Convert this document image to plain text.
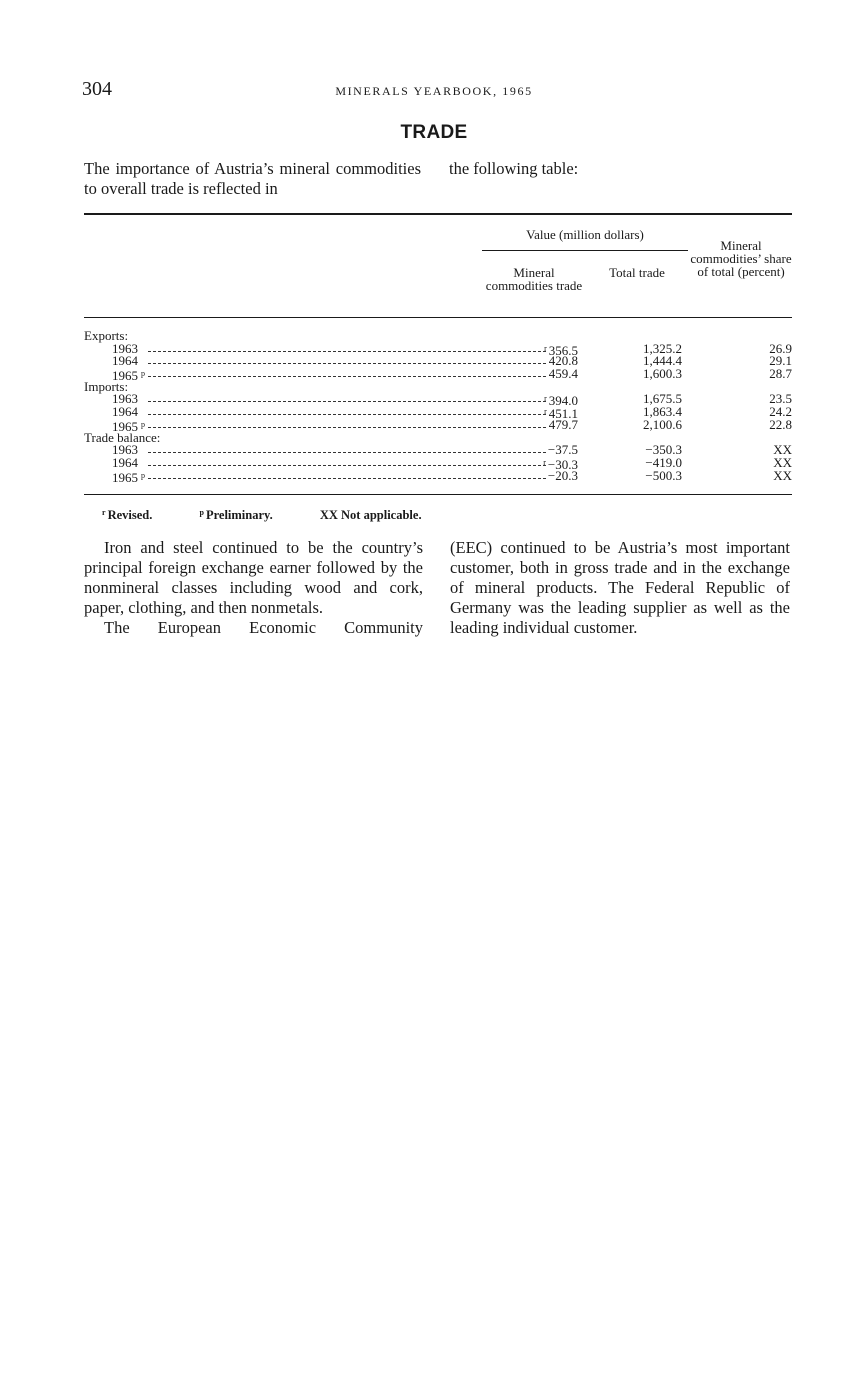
304	MINERALS YEARBOOK, 1965
TRADE

The importance of Austria’s mineral commodities to overall trade is reflected in

the following table:

Value (million dollars)
Mineral commodities trade
Total trade
Mineral commodities’ share of total (percent)
Exports:
1963	$^r$ 356.5	1,325.2	26.9
1964	420.8	1,444.4	29.1
1965 $^p$	459.4	1,600.3	28.7
Imports:
1963	$^r$ 394.0	1,675.5	23.5
1964	$^r$ 451.1	1,863.4	24.2
1965 $^p$	479.7	2,100.6	22.8
Trade balance:
1963	−37.5	−350.3	XX
1964	$^r$ −30.3	−419.0	XX
1965 $^p$	−20.3	−500.3	XX
$^r$ Revised.	$^p$ Preliminary.	XX Not applicable.

Iron and steel continued to be the country’s principal foreign exchange earner followed by the nonmineral classes including wood and cork, paper, clothing, and then nonmetals.

The European Economic Community

(EEC) continued to be Austria’s most important customer, both in gross trade and in the exchange of mineral products. The Federal Republic of Germany was the leading supplier as well as the leading individual customer.
